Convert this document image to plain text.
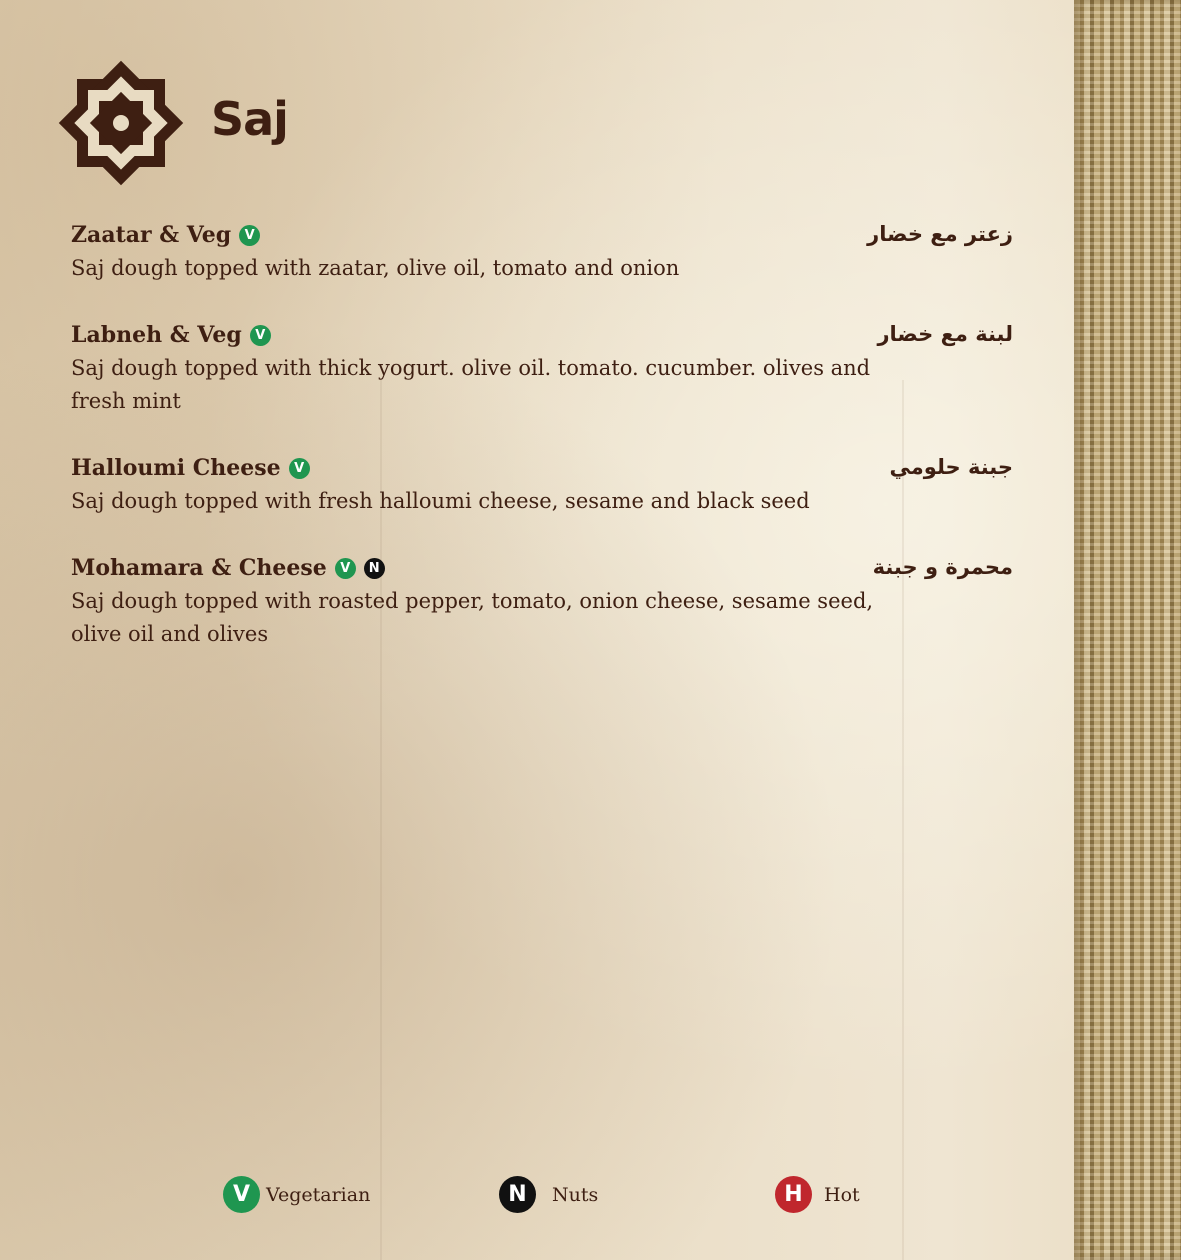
Saj
Zaatar & Veg	V	زعتر مع خضار
Saj dough topped with zaatar, olive oil, tomato and onion
Labneh & Veg	V	لبنة مع خضار
Saj dough topped with thick yogurt. olive oil. tomato. cucumber. olives and fresh mint
Halloumi Cheese	V	جبنة حلومي
Saj dough topped with fresh halloumi cheese, sesame and black seed
Mohamara & Cheese	V	N	محمرة و جبنة
Saj dough topped with roasted pepper, tomato, onion cheese, sesame seed, olive oil and olives
V Vegetarian	N	Nuts	H	Hot
